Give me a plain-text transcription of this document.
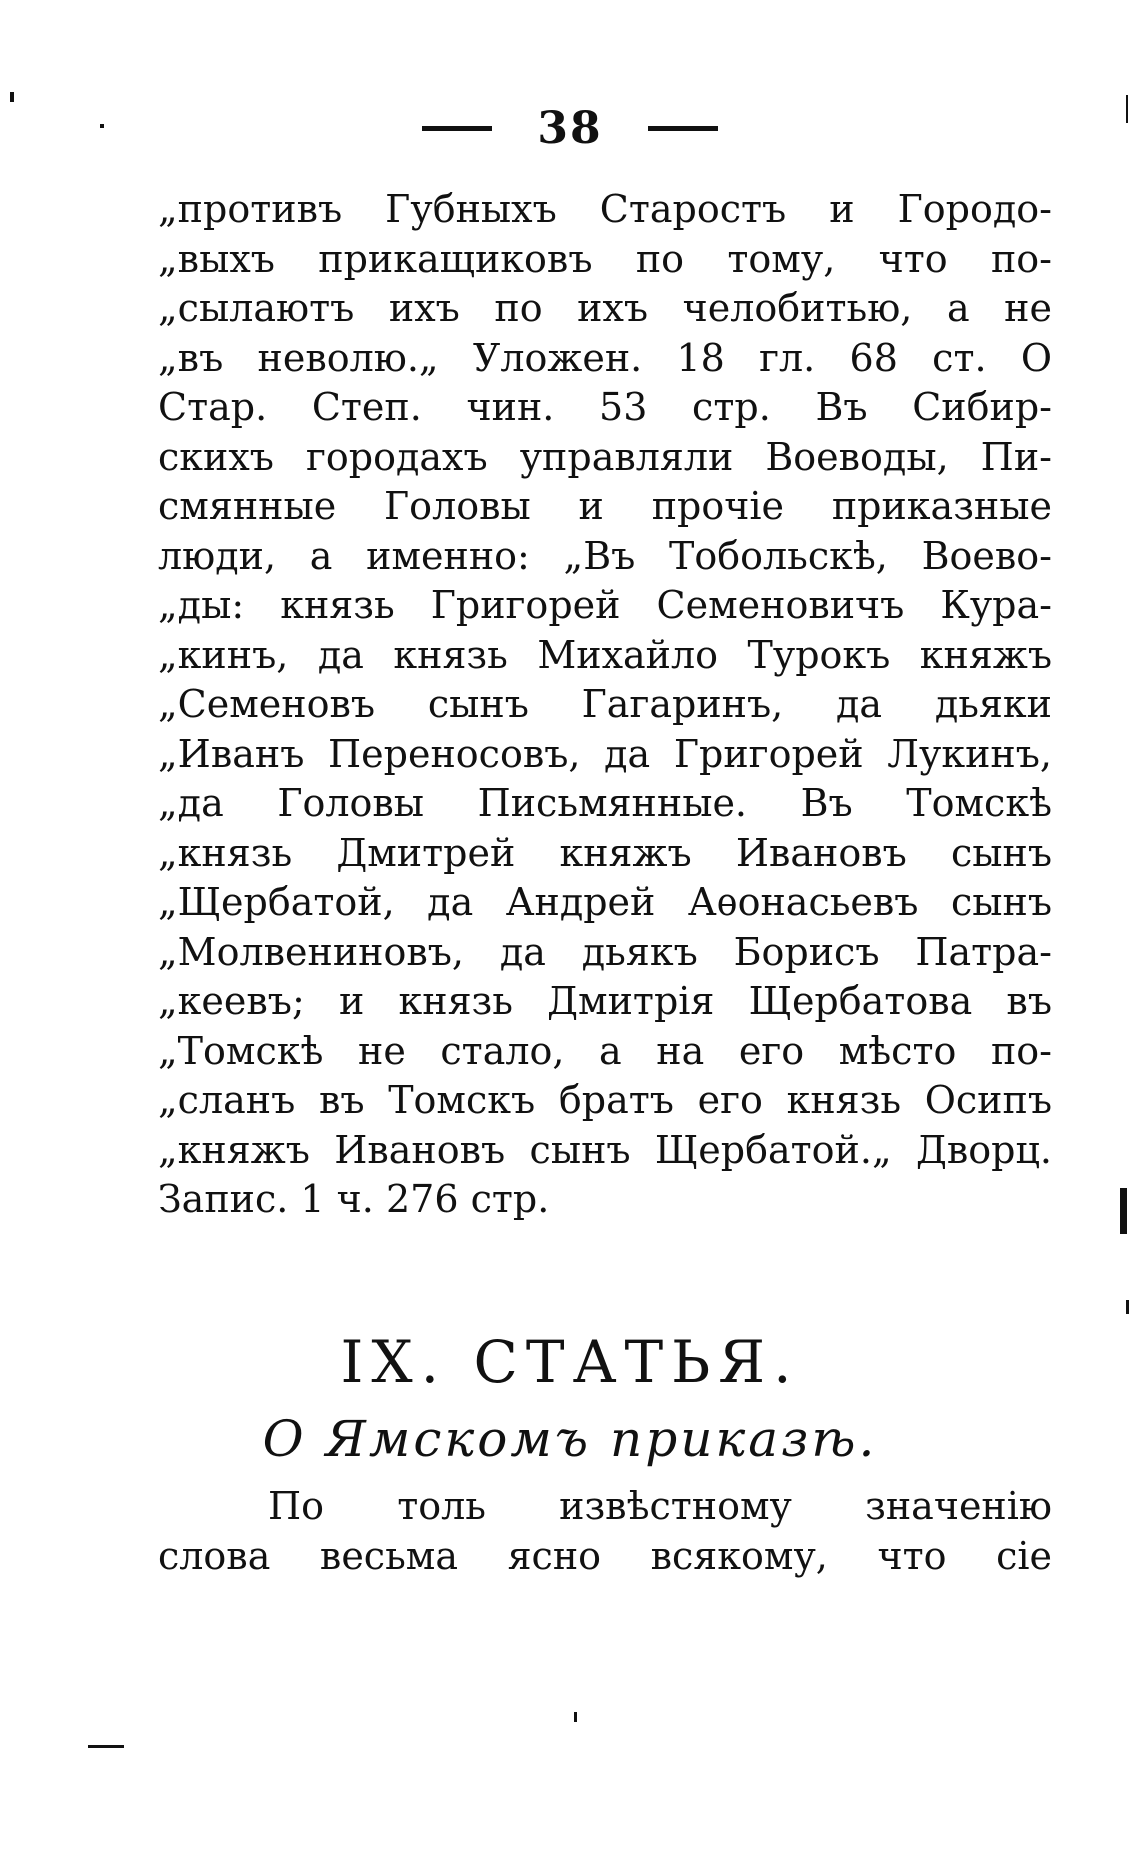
38
„противъ Губныхъ Старостъ и Городо-
„выхъ прикащиковъ по тому, что по-
„сылаютъ ихъ по ихъ челобитью, а не
„въ неволю.„ Уложен. 18 гл. 68 ст. О
Стар. Степ. чин. 53 стр. Въ Сибир-
скихъ городахъ управляли Воеводы, Пи-
смянные Головы и прочіе приказные
люди, а именно: „Въ Тобольскѣ, Воево-
„ды: князь Григорей Семеновичъ Кура-
„кинъ, да князь Михайло Турокъ княжъ
„Семеновъ сынъ Гагаринъ, да дьяки
„Иванъ Переносовъ, да Григорей Лукинъ,
„да Головы Письмянные. Въ Томскѣ
„князь Дмитрей княжъ Ивановъ сынъ
„Щербатой, да Андрей Аѳонасьевъ сынъ
„Молвениновъ, да дьякъ Борисъ Патра-
„кеевъ; и князь Дмитрія Щербатова въ
„Томскѣ не стало, а на его мѣсто по-
„сланъ въ Томскъ братъ его князь Осипъ
„княжъ Ивановъ сынъ Щербатой.„ Дворц.
Запис. 1 ч. 276 стр.
IX. СТАТЬЯ.
О Ямскомъ приказѣ.
По толь извѣстному значенію
слова весьма ясно всякому, что сіе
